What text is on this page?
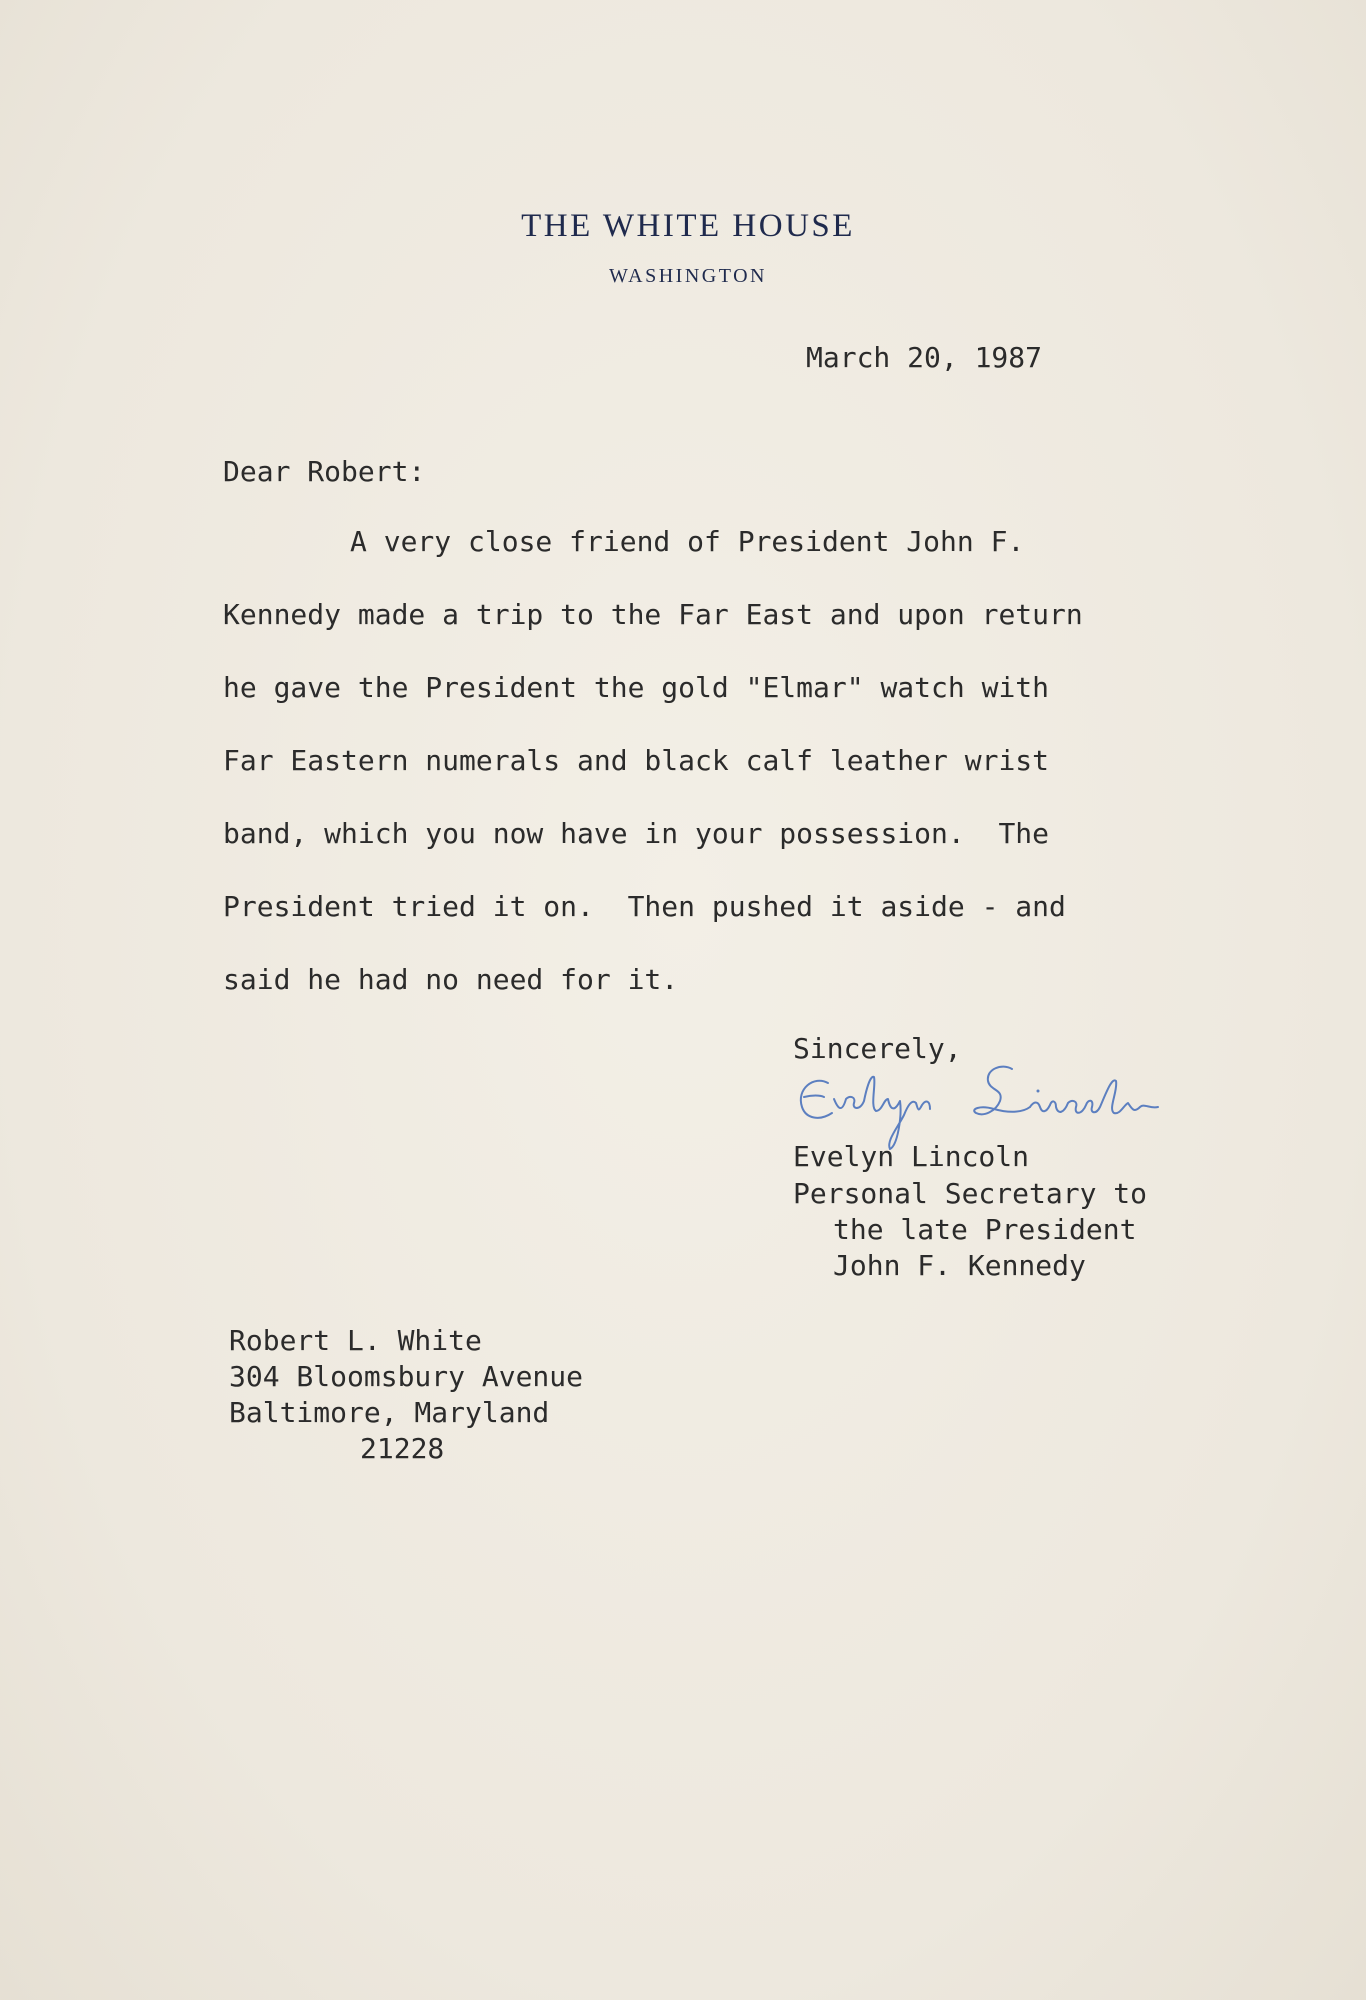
THE WHITE HOUSE
WASHINGTON
March 20, 1987
Dear Robert:
A very close friend of President John F.
Kennedy made a trip to the Far East and upon return
he gave the President the gold "Elmar" watch with
Far Eastern numerals and black calf leather wrist
band, which you now have in your possession.  The
President tried it on.  Then pushed it aside - and
said he had no need for it.
Sincerely,
Evelyn Lincoln
Personal Secretary to
the late President
John F. Kennedy
Robert L. White
304 Bloomsbury Avenue
Baltimore, Maryland
21228
